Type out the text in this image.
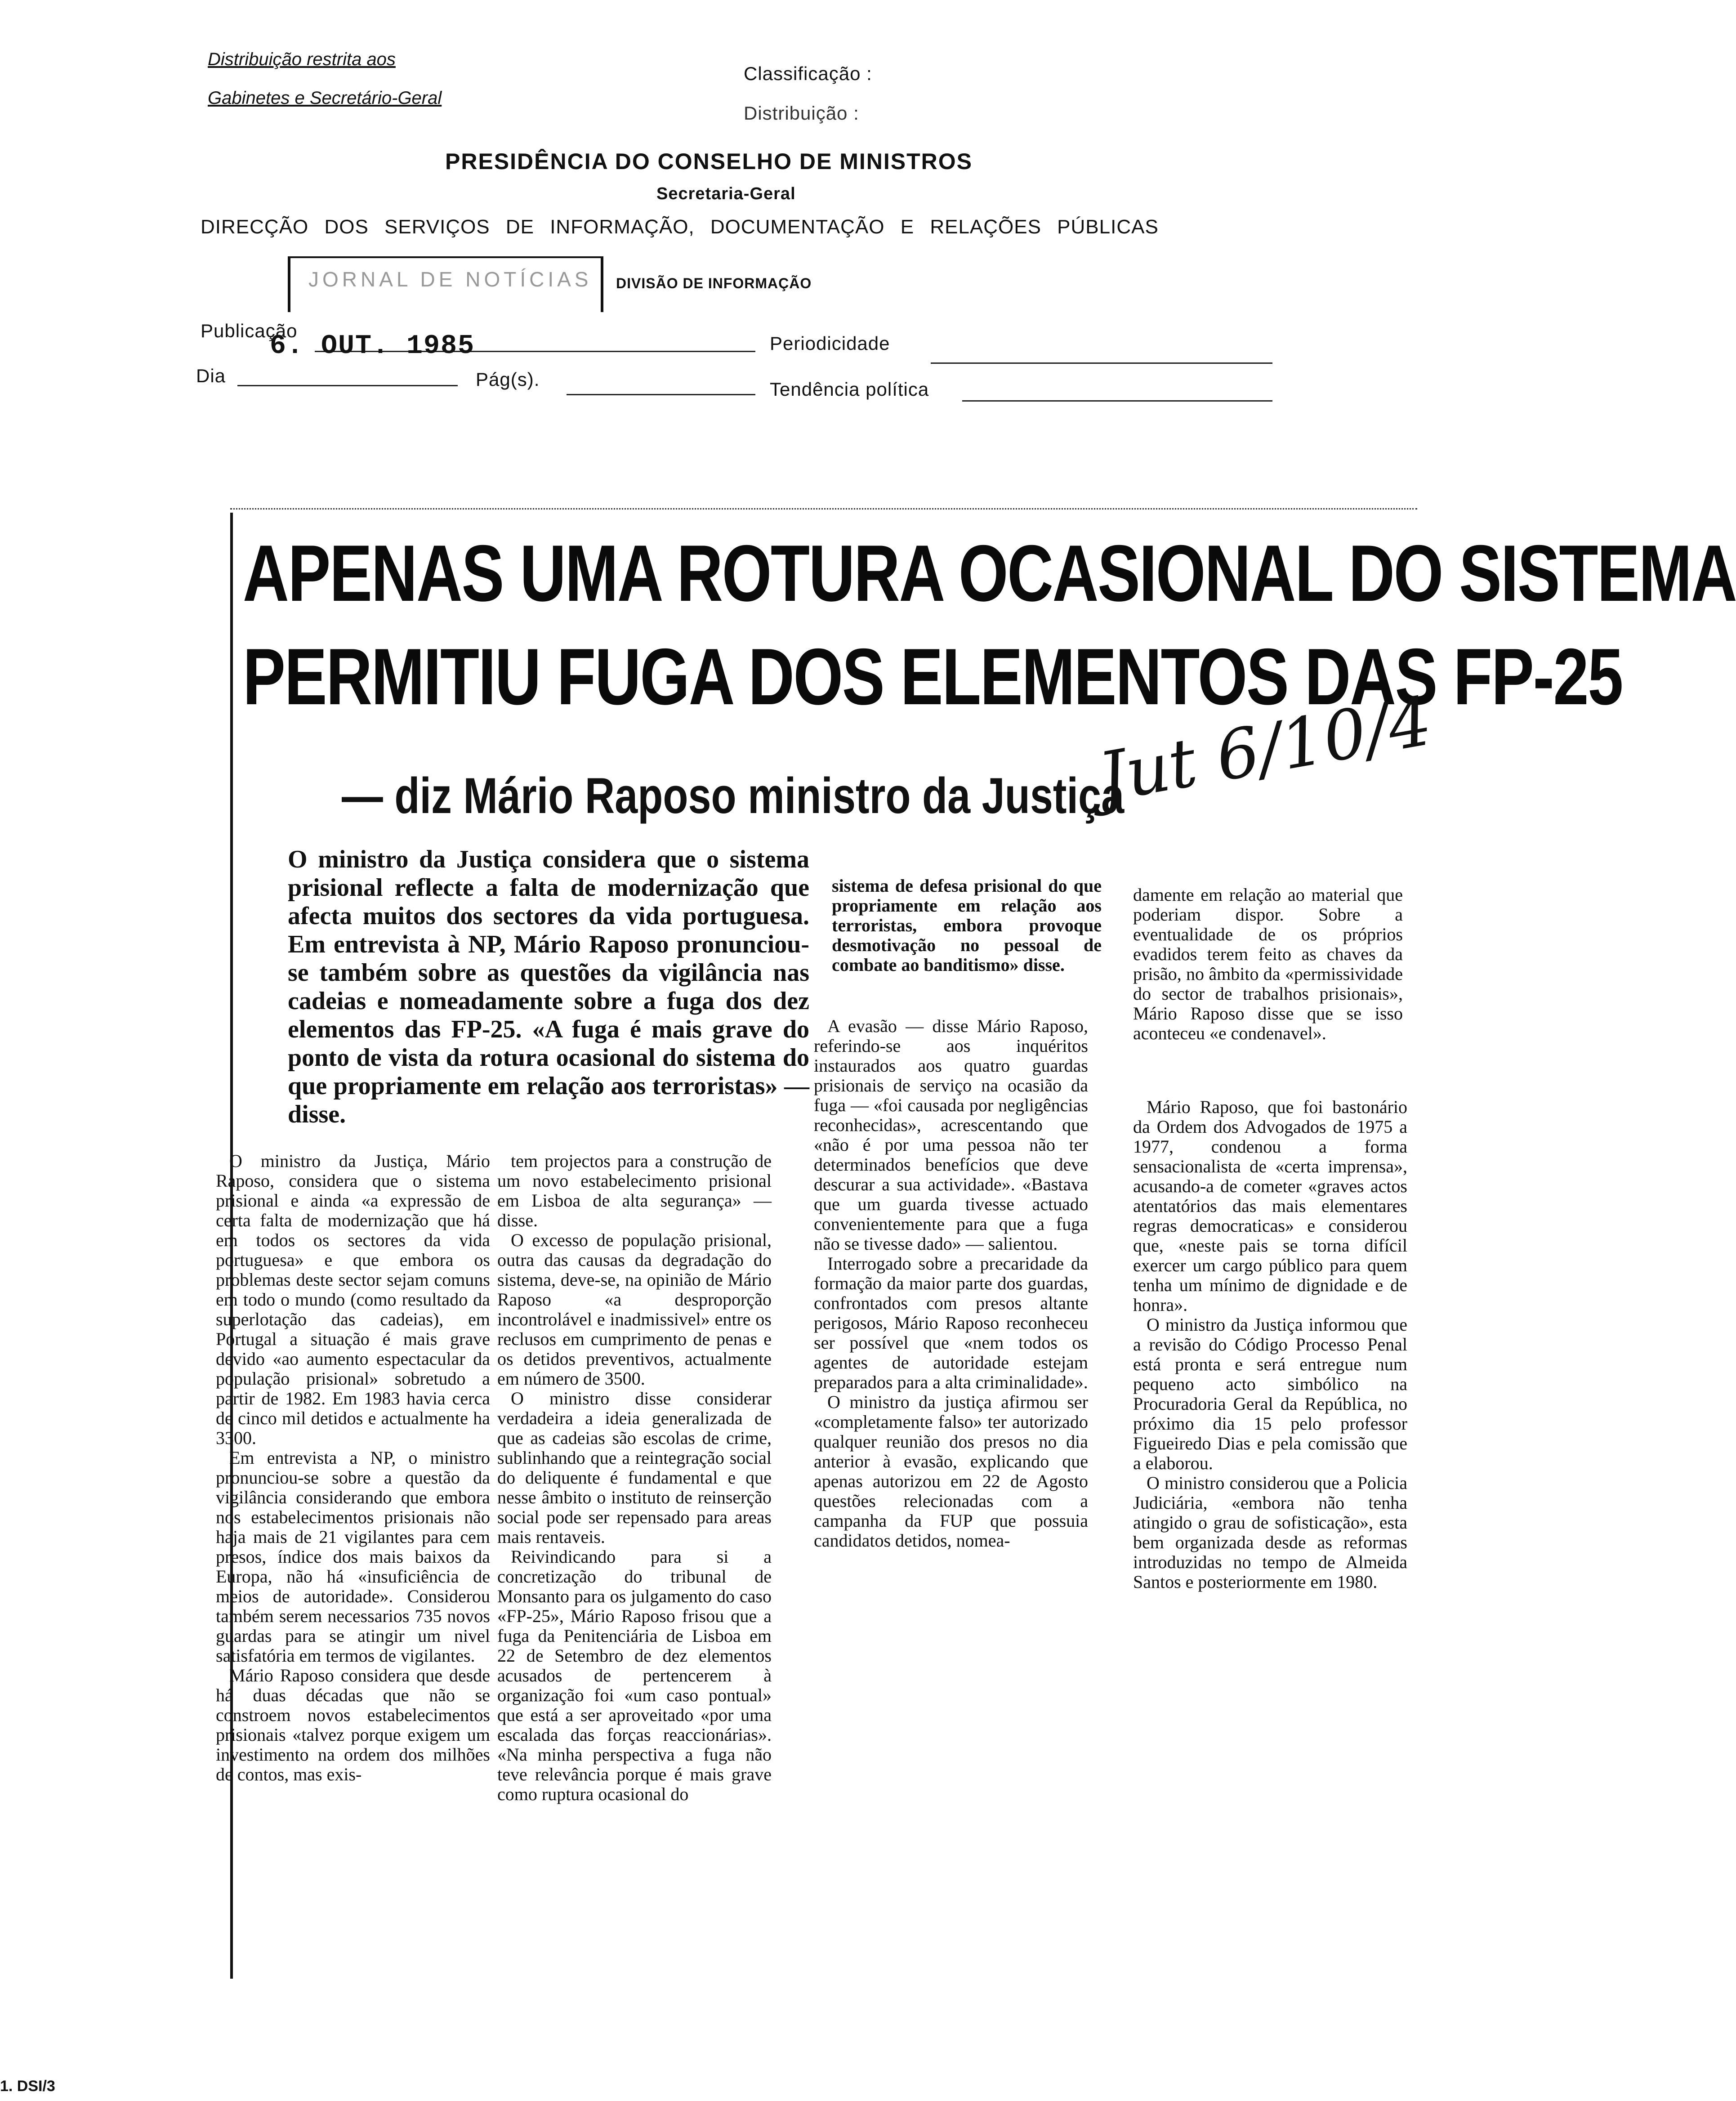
Distribuição restrita aos
Gabinetes e Secretário-Geral
Classificação :
Distribuição :
PRESIDÊNCIA DO CONSELHO DE MINISTROS
Secretaria-Geral
DIRECÇÃO DOS SERVIÇOS DE INFORMAÇÃO, DOCUMENTAÇÃO E RELAÇÕES PÚBLICAS
JORNAL DE NOTÍCIAS DIVISÃO DE INFORMAÇÃO
Publicação
6. OUT. 1985	Periodicidade
Dia	Pág(s).	Tendência política
APENAS UMA ROTURA OCASIONAL DO SISTEMA
PERMITIU FUGA DOS ELEMENTOS DAS FP-25
— diz Mário Raposo ministro da Justiça
Jut 6/10/4
O ministro da Justiça considera que o sistema prisional reflecte a falta de modernização que afecta muitos dos sectores da vida portuguesa. Em entrevista à NP, Mário Raposo pronunciou-se também sobre as questões da vigilância nas cadeias e nomeadamente sobre a fuga dos dez elementos das FP-25. «A fuga é mais grave do ponto de vista da rotura ocasional do sistema do que propriamente em relação aos terroristas» — disse.
sistema de defesa prisional do que propriamente em relação aos terroristas, embora provoque desmotivação no pessoal de combate ao banditismo» disse.
damente em relação ao material que poderiam dispor. Sobre a eventualidade de os próprios evadidos terem feito as chaves da prisão, no âmbito da «permissividade do sector de trabalhos prisionais», Mário Raposo disse que se isso aconteceu «e condenavel».

O ministro da Justiça, Mário Raposo, considera que o sistema prisional e ainda «a expressão de certa falta de modernização que há em todos os sectores da vida portuguesa» e que embora os problemas deste sector sejam comuns em todo o mundo (como resultado da superlotação das cadeias), em Portugal a situação é mais grave devido «ao aumento espectacular da população prisional» sobretudo a partir de 1982. Em 1983 havia cerca de cinco mil detidos e actualmente ha 3300.

Em entrevista a NP, o ministro pronunciou-se sobre a questão da vigilância considerando que embora nos estabelecimentos prisionais não haja mais de 21 vigilantes para cem presos, índice dos mais baixos da Europa, não há «insuficiência de meios de autoridade». Considerou também serem necessarios 735 novos guardas para se atingir um nivel satisfatória em termos de vigilantes.

Mário Raposo considera que desde há duas décadas que não se constroem novos estabelecimentos prisionais «talvez porque exigem um investimento na ordem dos milhões de contos, mas exis-

tem projectos para a construção de um novo estabelecimento prisional em Lisboa de alta segurança» — disse.

O excesso de população prisional, outra das causas da degradação do sistema, deve-se, na opinião de Mário Raposo «a desproporção incontrolável e inadmissivel» entre os reclusos em cumprimento de penas e os detidos preventivos, actualmente em número de 3500.

O ministro disse considerar verdadeira a ideia generalizada de que as cadeias são escolas de crime, sublinhando que a reintegração social do deliquente é fundamental e que nesse âmbito o instituto de reinserção social pode ser repensado para areas mais rentaveis.

Reivindicando para si a concretização do tribunal de Monsanto para os julgamento do caso «FP-25», Mário Raposo frisou que a fuga da Penitenciária de Lisboa em 22 de Setembro de dez elementos acusados de pertencerem à organização foi «um caso pontual» que está a ser aproveitado «por uma escalada das forças reaccionárias». «Na minha perspectiva a fuga não teve relevância porque é mais grave como ruptura ocasional do

A evasão — disse Mário Raposo, referindo-se aos inquéritos instaurados aos quatro guardas prisionais de serviço na ocasião da fuga — «foi causada por negligências reconhecidas», acrescentando que «não é por uma pessoa não ter determinados benefícios que deve descurar a sua actividade». «Bastava que um guarda tivesse actuado convenientemente para que a fuga não se tivesse dado» — salientou.

Interrogado sobre a precaridade da formação da maior parte dos guardas, confrontados com presos altante perigosos, Mário Raposo reconheceu ser possível que «nem todos os agentes de autoridade estejam preparados para a alta criminalidade».

O ministro da justiça afirmou ser «completamente falso» ter autorizado qualquer reunião dos presos no dia anterior à evasão, explicando que apenas autorizou em 22 de Agosto questões relecionadas com a campanha da FUP que possuia candidatos detidos, nomea-

Mário Raposo, que foi bastonário da Ordem dos Advogados de 1975 a 1977, condenou a forma sensacionalista de «certa imprensa», acusando-a de cometer «graves actos atentatórios das mais elementares regras democraticas» e considerou que, «neste pais se torna difícil exercer um cargo público para quem tenha um mínimo de dignidade e de honra».

O ministro da Justiça informou que a revisão do Código Processo Penal está pronta e será entregue num pequeno acto simbólico na Procuradoria Geral da República, no próximo dia 15 pelo professor Figueiredo Dias e pela comissão que a elaborou.

O ministro considerou que a Policia Judiciária, «embora não tenha atingido o grau de sofisticação», esta bem organizada desde as reformas introduzidas no tempo de Almeida Santos e posteriormente em 1980.

1. DSI/3
